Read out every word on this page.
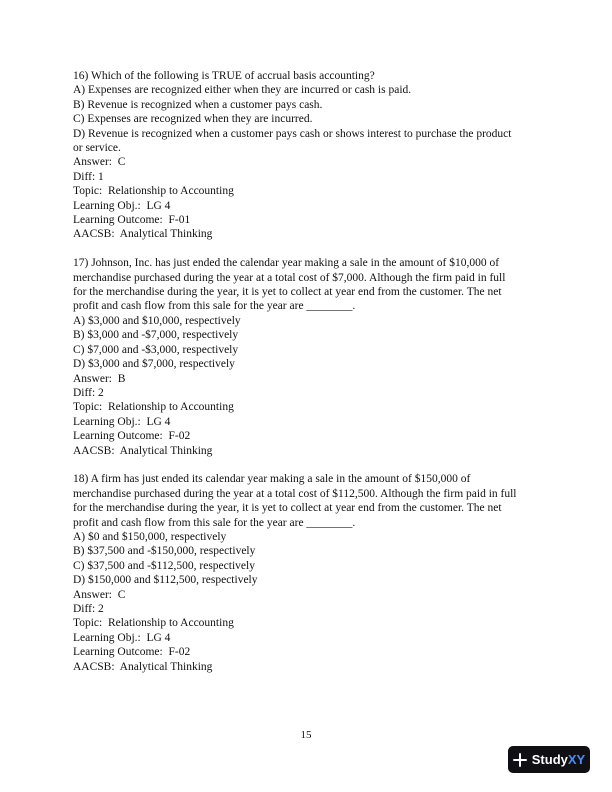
16) Which of the following is TRUE of accrual basis accounting?
A) Expenses are recognized either when they are incurred or cash is paid.
B) Revenue is recognized when a customer pays cash.
C) Expenses are recognized when they are incurred.
D) Revenue is recognized when a customer pays cash or shows interest to purchase the product
or service.
Answer:  C
Diff: 1
Topic:  Relationship to Accounting
Learning Obj.:  LG 4
Learning Outcome:  F-01
AACSB:  Analytical Thinking
17) Johnson, Inc. has just ended the calendar year making a sale in the amount of $10,000 of
merchandise purchased during the year at a total cost of $7,000. Although the firm paid in full
for the merchandise during the year, it is yet to collect at year end from the customer. The net
profit and cash flow from this sale for the year are ________.
A) $3,000 and $10,000, respectively
B) $3,000 and -$7,000, respectively
C) $7,000 and -$3,000, respectively
D) $3,000 and $7,000, respectively
Answer:  B
Diff: 2
Topic:  Relationship to Accounting
Learning Obj.:  LG 4
Learning Outcome:  F-02
AACSB:  Analytical Thinking
18) A firm has just ended its calendar year making a sale in the amount of $150,000 of
merchandise purchased during the year at a total cost of $112,500. Although the firm paid in full
for the merchandise during the year, it is yet to collect at year end from the customer. The net
profit and cash flow from this sale for the year are ________.
A) $0 and $150,000, respectively
B) $37,500 and -$150,000, respectively
C) $37,500 and -$112,500, respectively
D) $150,000 and $112,500, respectively
Answer:  C
Diff: 2
Topic:  Relationship to Accounting
Learning Obj.:  LG 4
Learning Outcome:  F-02
AACSB:  Analytical Thinking
15
Study XY
